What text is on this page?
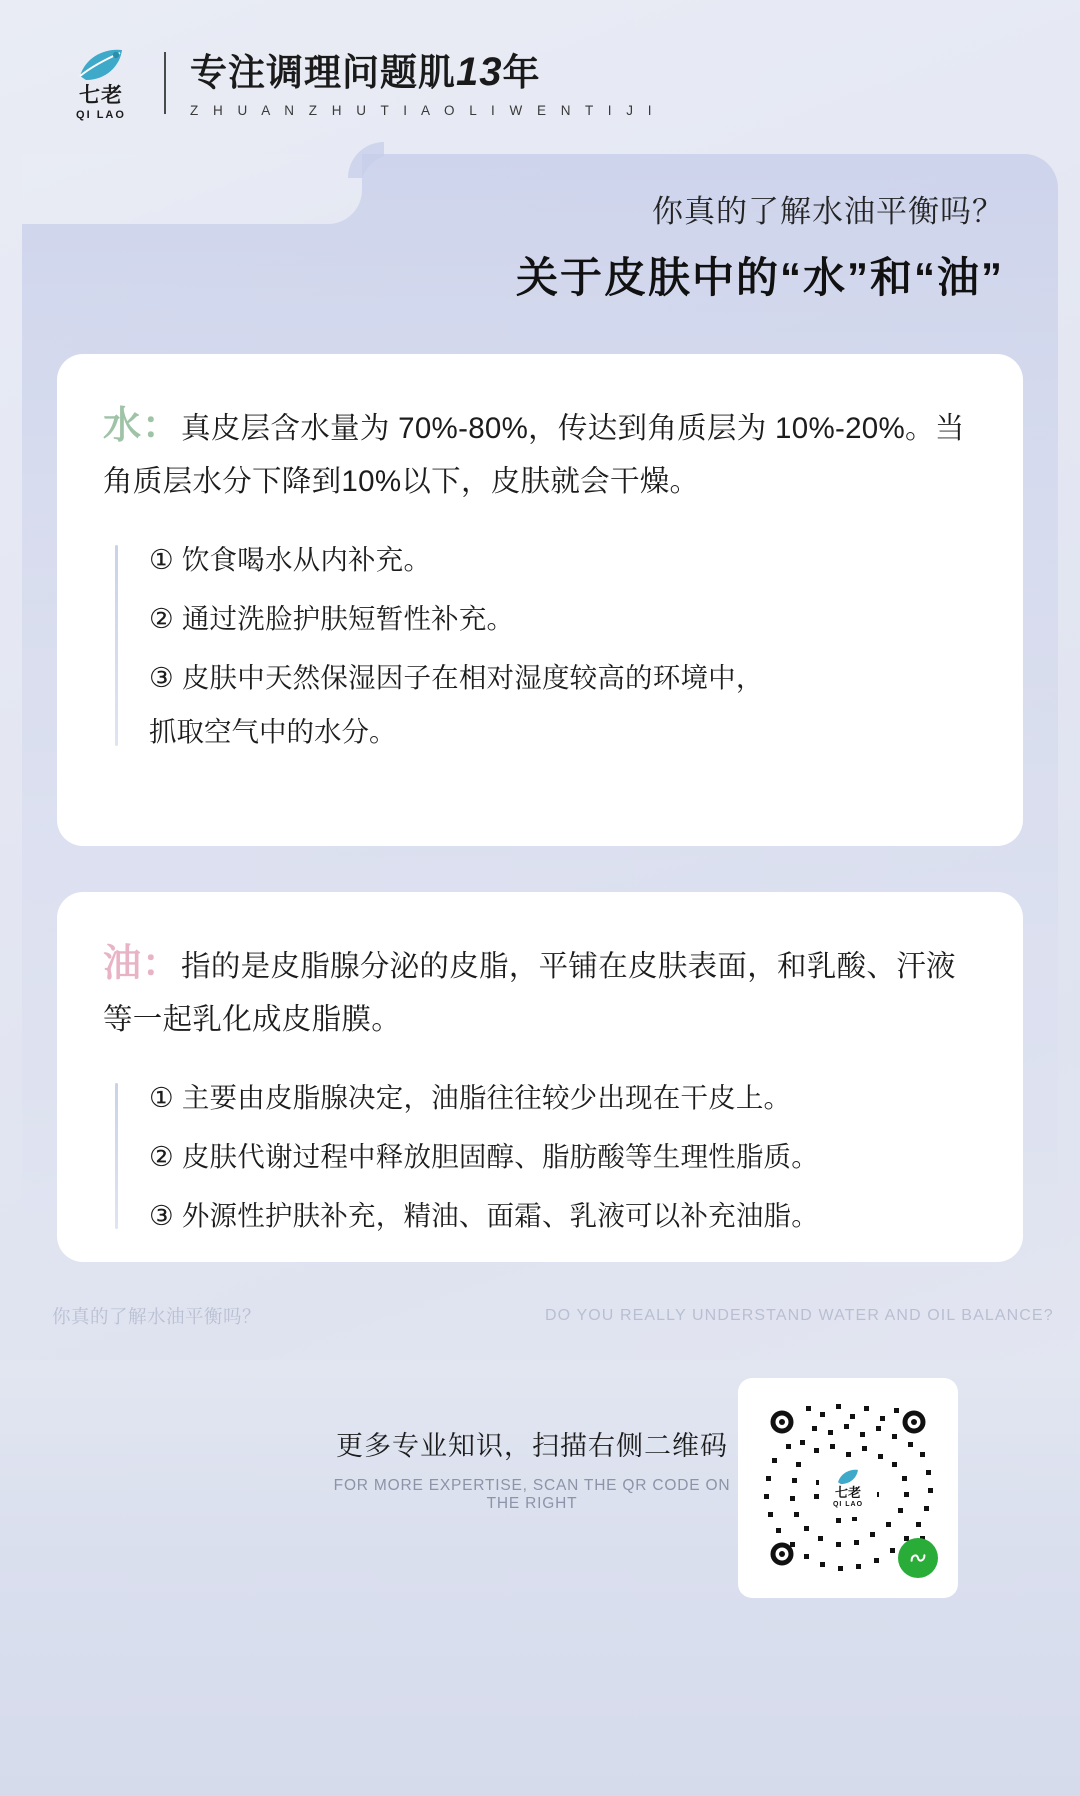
七老
QI LAO
专注调理问题肌13年
Z H U A N Z H U T I A O L I W E N T I J I
你真的了解水油平衡吗？
关于皮肤中的“水”和“油”
水：真皮层含水量为 70%-80%，传达到角质层为 10%-20%。当角质层水分下降到10%以下，皮肤就会干燥。
① 饮食喝水从内补充。
② 通过洗脸护肤短暂性补充。
③ 皮肤中天然保湿因子在相对湿度较高的环境中，
抓取空气中的水分。
油：指的是皮脂腺分泌的皮脂，平铺在皮肤表面，和乳酸、汗液等一起乳化成皮脂膜。
① 主要由皮脂腺决定，油脂往往较少出现在干皮上。
② 皮肤代谢过程中释放胆固醇、脂肪酸等生理性脂质。
③ 外源性护肤补充，精油、面霜、乳液可以补充油脂。
你真的了解水油平衡吗？	DO YOU REALLY UNDERSTAND WATER AND OIL BALANCE?
更多专业知识，扫描右侧二维码
FOR MORE EXPERTISE, SCAN THE QR CODE ON THE RIGHT
七老
QI LAO
